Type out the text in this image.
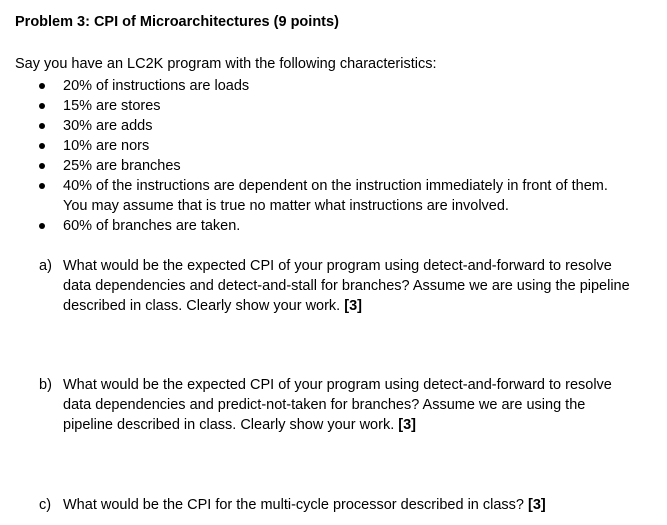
Problem 3: CPI of Microarchitectures (9 points)
Say you have an LC2K program with the following characteristics:
20% of instructions are loads
15% are stores
30% are adds
10% are nors
25% are branches
40% of the instructions are dependent on the instruction immediately in front of them.
You may assume that is true no matter what instructions are involved.
60% of branches are taken.
a) What would be the expected CPI of your program using detect-and-forward to resolve
data dependencies and detect-and-stall for branches? Assume we are using the pipeline
described in class. Clearly show your work. [3]
b) What would be the expected CPI of your program using detect-and-forward to resolve
data dependencies and predict-not-taken for branches? Assume we are using the
pipeline described in class. Clearly show your work. [3]
c) What would be the CPI for the multi-cycle processor described in class? [3]
